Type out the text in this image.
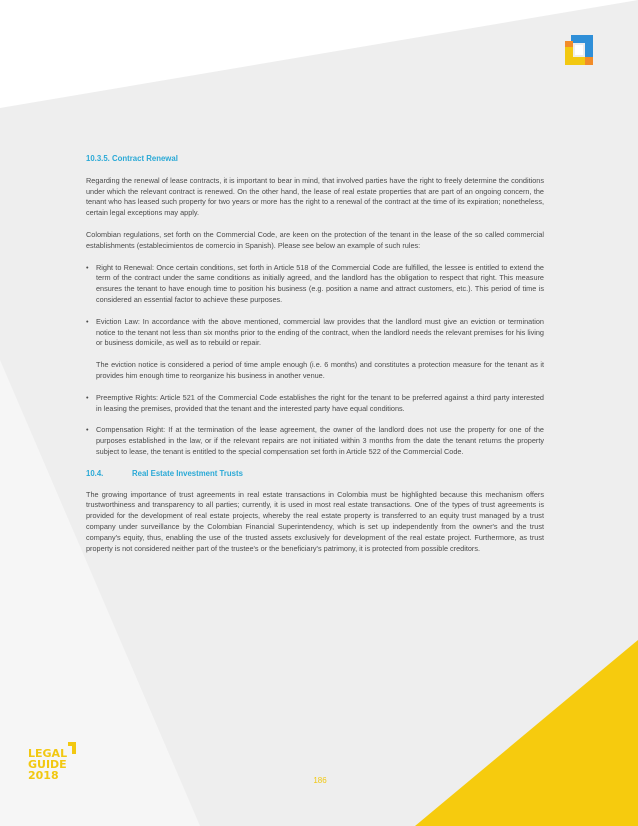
10.3.5. Contract Renewal

Regarding the renewal of lease contracts, it is important to bear in mind, that involved parties have the right to freely determine the conditions under which the relevant contract is renewed. On the other hand, the lease of real estate properties that are part of an ongoing concern, the tenant who has leased such property for two years or more has the right to a renewal of the contract at the time of its expiration; nonetheless, certain legal exceptions may apply.

Colombian regulations, set forth on the Commercial Code, are keen on the protection of the tenant in the lease of the so called commercial establishments (establecimientos de comercio in Spanish). Please see below an example of such rules:

• Right to Renewal: Once certain conditions, set forth in Article 518 of the Commercial Code are fulfilled, the lessee is entitled to extend the term of the contract under the same conditions as initially agreed, and the landlord has the obligation to respect that right. This measure ensures the tenant to have enough time to position his business (e.g. position a name and attract customers, etc.). This period of time is considered an essential factor to achieve these purposes.
• Eviction Law: In accordance with the above mentioned, commercial law provides that the landlord must give an eviction or termination notice to the tenant not less than six months prior to the ending of the contract, when the landlord needs the relevant premises for his living or business domicile, as well as to rebuild or repair.

The eviction notice is considered a period of time ample enough (i.e. 6 months) and constitutes a protection measure for the tenant as it provides him enough time to reorganize his business in another venue.

• Preemptive Rights: Article 521 of the Commercial Code establishes the right for the tenant to be preferred against a third party interested in leasing the premises, provided that the tenant and the interested party have equal conditions.
• Compensation Right: If at the termination of the lease agreement, the owner of the landlord does not use the property for one of the purposes established in the law, or if the relevant repairs are not initiated within 3 months from the date the tenant returns the property subject to lease, the tenant is entitled to the special compensation set forth in Article 522 of the Commercial Code.
10.4.	Real Estate Investment Trusts

The growing importance of trust agreements in real estate transactions in Colombia must be highlighted because this mechanism offers trustworthiness and transparency to all parties; currently, it is used in most real estate transactions. One of the types of trust agreements is provided for the development of real estate projects, whereby the real estate property is transferred to an equity trust managed by a trust company under surveillance by the Colombian Financial Superintendency, which is set up independently from the owner's and the trust company's equity, thus, enabling the use of the trusted assets exclusively for development of the real estate project. Furthermore, as trust property is not considered neither part of the trustee's or the beneficiary's patrimony, it is protected from possible creditors.

LEGAL
GUIDE
2018	186
